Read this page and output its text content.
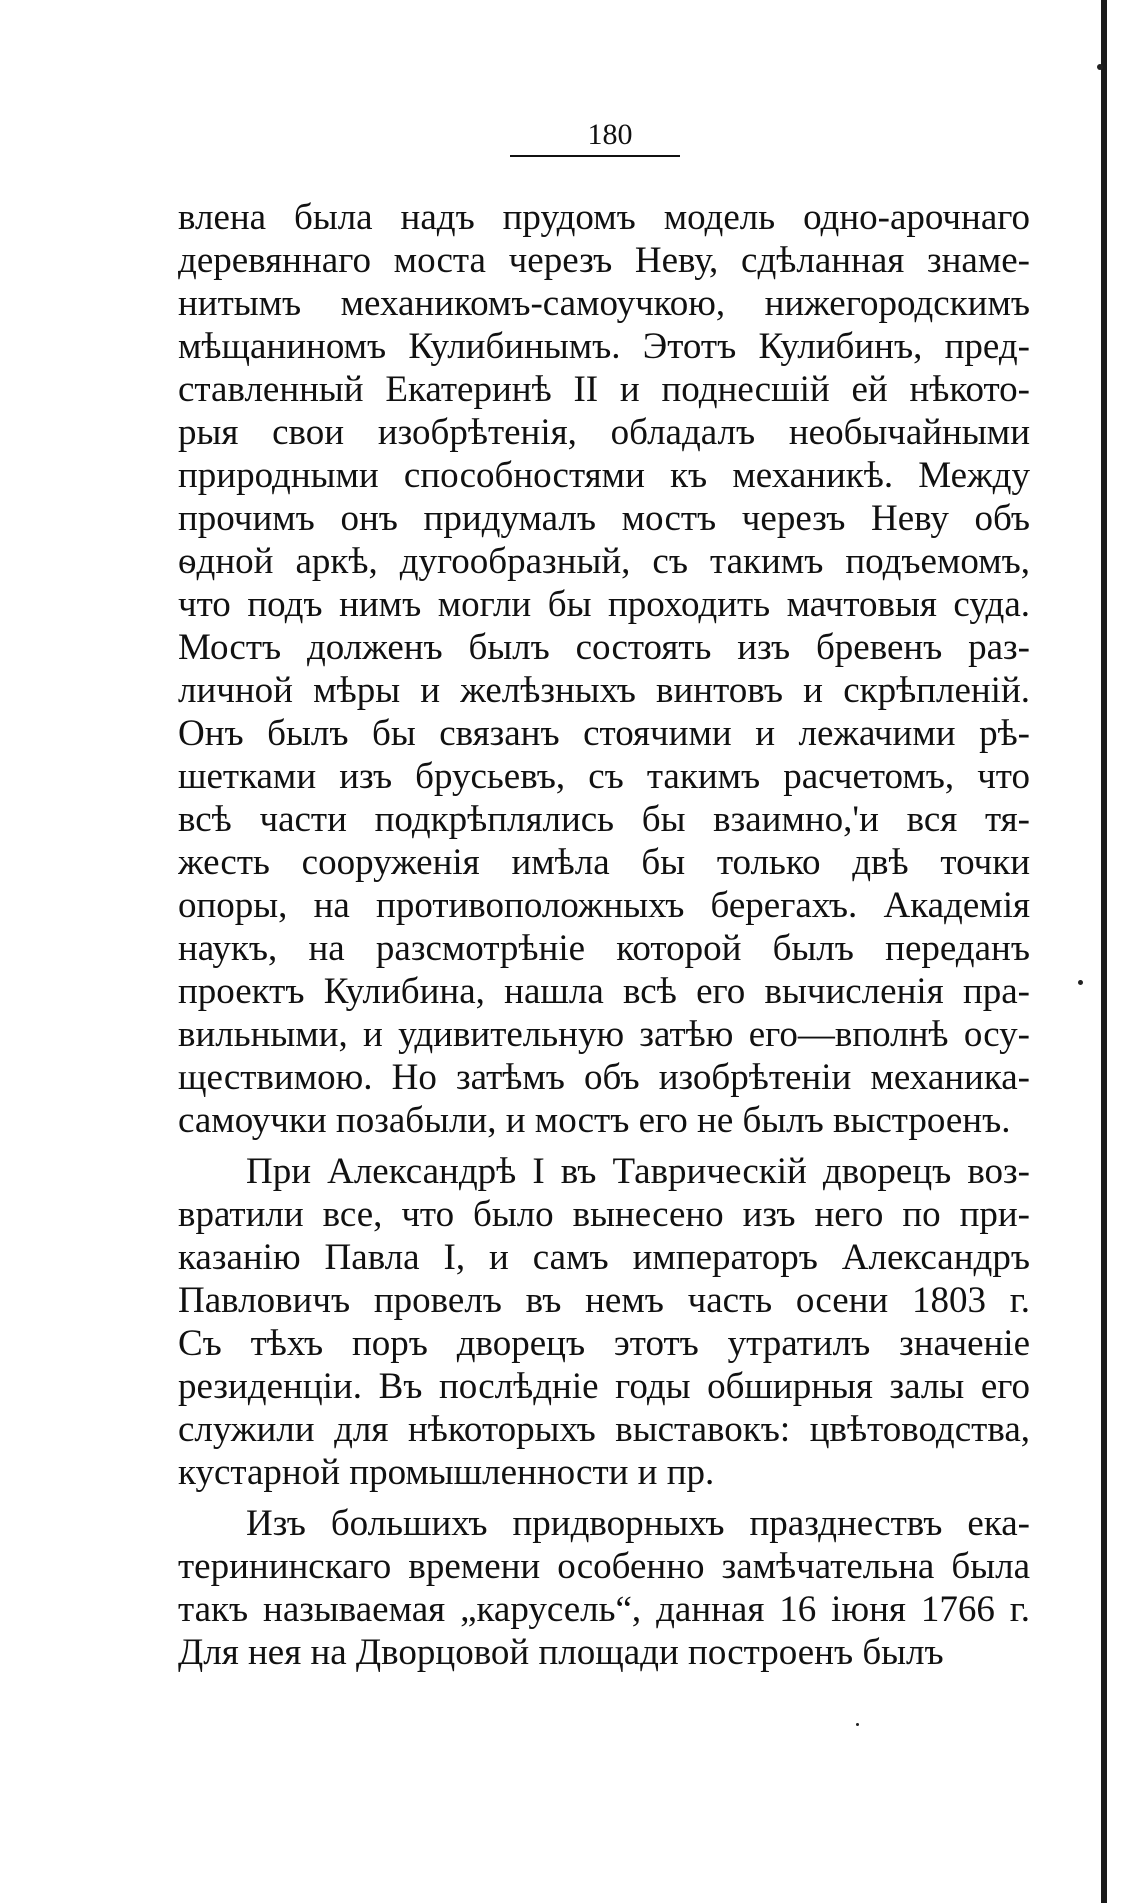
180
влена была надъ прудомъ модель одно-арочнаго
деревяннаго моста черезъ Неву, сдѣланная знаме-
нитымъ механикомъ-самоучкою, нижегородскимъ
мѣщаниномъ Кулибинымъ. Этотъ Кулибинъ, пред-
ставленный Екатеринѣ II и поднесшій ей нѣкото-
рыя свои изобрѣтенія, обладалъ необычайными
природными способностями къ механикѣ. Между
прочимъ онъ придумалъ мостъ черезъ Неву объ
ѳдной аркѣ, дугообразный, съ такимъ подъемомъ,
что подъ нимъ могли бы проходить мачтовыя суда.
Мостъ долженъ былъ состоять изъ бревенъ раз-
личной мѣры и желѣзныхъ винтовъ и скрѣпленій.
Онъ былъ бы связанъ стоячими и лежачими рѣ-
шетками изъ брусьевъ, съ такимъ расчетомъ, что
всѣ части подкрѣплялись бы взаимно,'и вся тя-
жесть сооруженія имѣла бы только двѣ точки
опоры, на противоположныхъ берегахъ. Академія
наукъ, на разсмотрѣніе которой былъ переданъ
проектъ Кулибина, нашла всѣ его вычисленія пра-
вильными, и удивительную затѣю его—вполнѣ осу-
ществимою. Но затѣмъ объ изобрѣтеніи механика-
самоучки позабыли, и мостъ его не былъ выстроенъ.
При Александрѣ I въ Таврическій дворецъ воз-
вратили все, что было вынесено изъ него по при-
казанію Павла I, и самъ императоръ Александръ
Павловичъ провелъ въ немъ часть осени 1803 г.
Съ тѣхъ поръ дворецъ этотъ утратилъ значеніе
резиденціи. Въ послѣдніе годы обширныя залы его
служили для нѣкоторыхъ выставокъ: цвѣтоводства,
кустарной промышленности и пр.
Изъ большихъ придворныхъ празднествъ ека-
терининскаго времени особенно замѣчательна была
такъ называемая „карусель“, данная 16 іюня 1766 г.
Для нея на Дворцовой площади построенъ былъ
